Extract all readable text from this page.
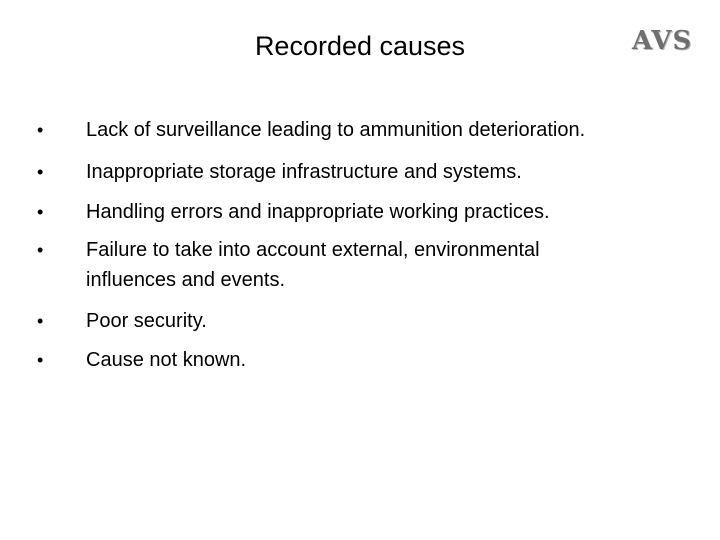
Recorded causes	AVS
• Lack of surveillance leading to ammunition deterioration.
• Inappropriate storage infrastructure and systems.
• Handling errors and inappropriate working practices.
• Failure to take into account external, environmental
influences and events.
• Poor security.
• Cause not known.
